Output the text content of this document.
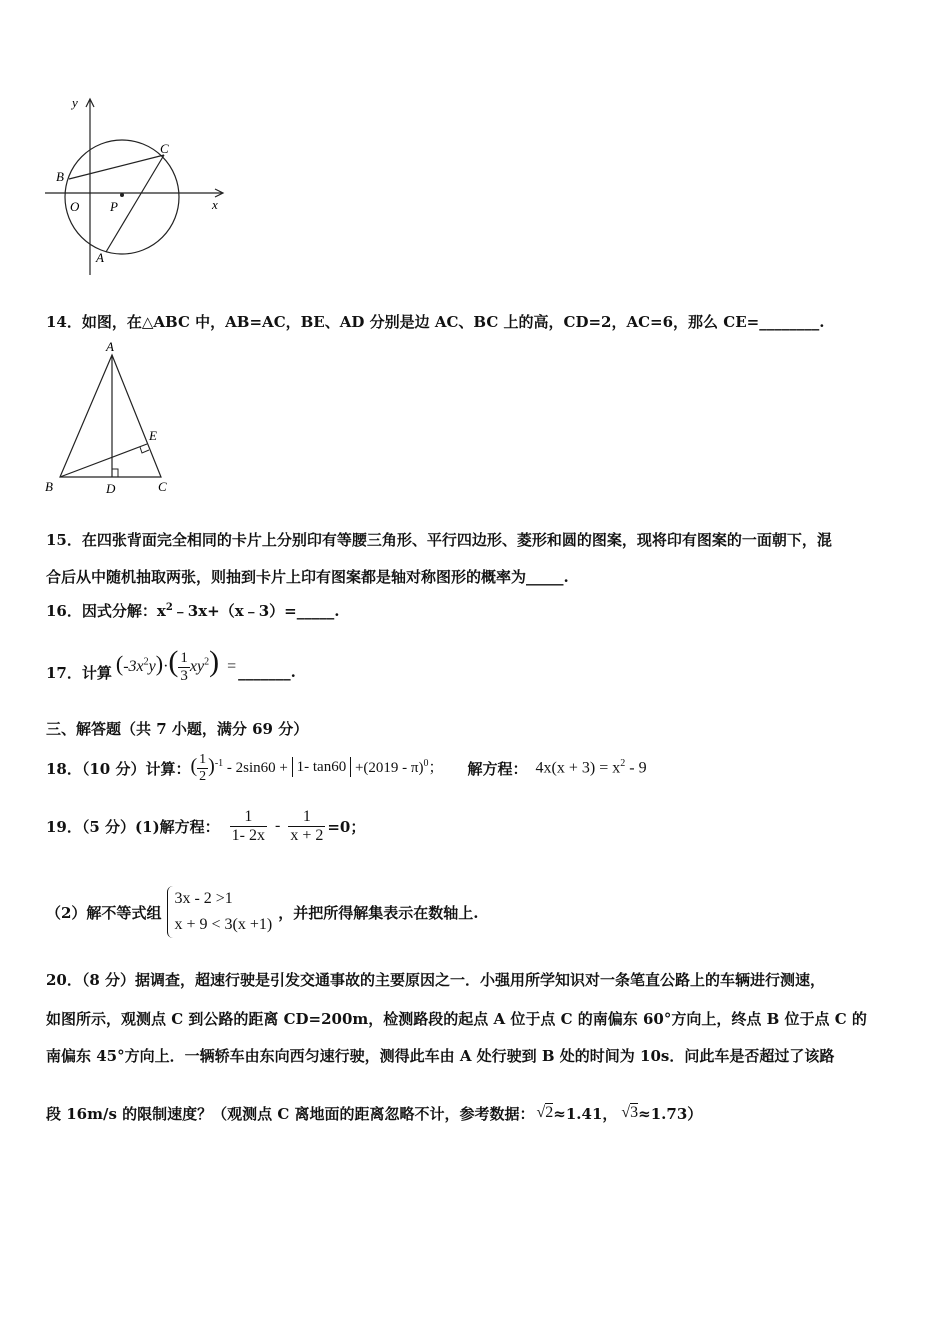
y
x
B
C
O P
A
14．如图，在△ABC 中，AB=AC，BE、AD 分别是边 AC、BC 上的高，CD=2，AC=6，那么 CE=________.
A
E
B	D	C
15．在四张背面完全相同的卡片上分别印有等腰三角形、平行四边形、菱形和圆的图案，现将印有图案的一面朝下，混
合后从中随机抽取两张，则抽到卡片上印有图案都是轴对称图形的概率为_____.
16．因式分解：$x^2﹣3x+(x﹣3)=\_\_\_\_\_$.
17．计算 $(-3x^2y)\cdot( \frac{1}{3} xy^2)$ = _______.
三、解答题（共 7 小题，满分 69 分）
18．（10 分）计算： ( $\frac{1}{2} )^{-1} - 2\sin 60 + 1-$ tan60 +(2019 - π)$^0$； 解方程： $4x(x + 3) = x^2 - 9$
19．（5 分）(1)解方程： $\frac{1}{1- 2x} - \frac{1}{x + 2} =0$；
（2）解不等式组
3x - 2 >1
x + 9 < 3(x +1)
，并把所得解集表示在数轴上.
20．（8 分）据调查，超速行驶是引发交通事故的主要原因之一．小强用所学知识对一条笔直公路上的车辆进行测速，
如图所示，观测点 C 到公路的距离 CD=200m，检测路段的起点 A 位于点 C 的南偏东 60°方向上，终点 B 位于点 C 的
南偏东 45°方向上．一辆轿车由东向西匀速行驶，测得此车由 A 处行驶到 B 处的时间为 10s．问此车是否超过了该路
段 16m/s 的限制速度？（观测点 C 离地面的距离忽略不计，参考数据： √2 ≈1.41， √3 ≈1.73）
